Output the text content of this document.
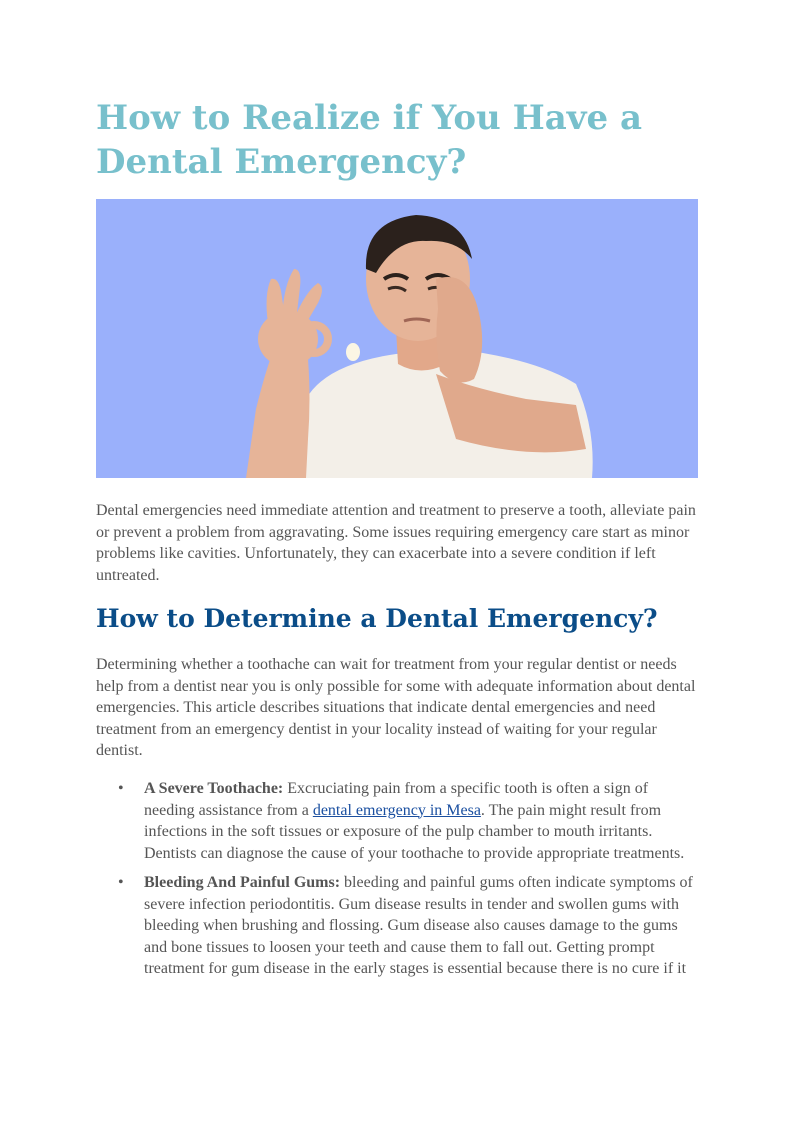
How to Realize if You Have a Dental Emergency?

Dental emergencies need immediate attention and treatment to preserve a tooth, alleviate pain or prevent a problem from aggravating. Some issues requiring emergency care start as minor problems like cavities. Unfortunately, they can exacerbate into a severe condition if left untreated.

How to Determine a Dental Emergency?

Determining whether a toothache can wait for treatment from your regular dentist or needs help from a dentist near you is only possible for some with adequate information about dental emergencies. This article describes situations that indicate dental emergencies and need treatment from an emergency dentist in your locality instead of waiting for your regular dentist.

• A Severe Toothache: Excruciating pain from a specific tooth is often a sign of needing assistance from a dental emergency in Mesa. The pain might result from infections in the soft tissues or exposure of the pulp chamber to mouth irritants. Dentists can diagnose the cause of your toothache to provide appropriate treatments.
• Bleeding And Painful Gums: bleeding and painful gums often indicate symptoms of severe infection periodontitis. Gum disease results in tender and swollen gums with bleeding when brushing and flossing. Gum disease also causes damage to the gums and bone tissues to loosen your teeth and cause them to fall out. Getting prompt treatment for gum disease in the early stages is essential because there is no cure if it
